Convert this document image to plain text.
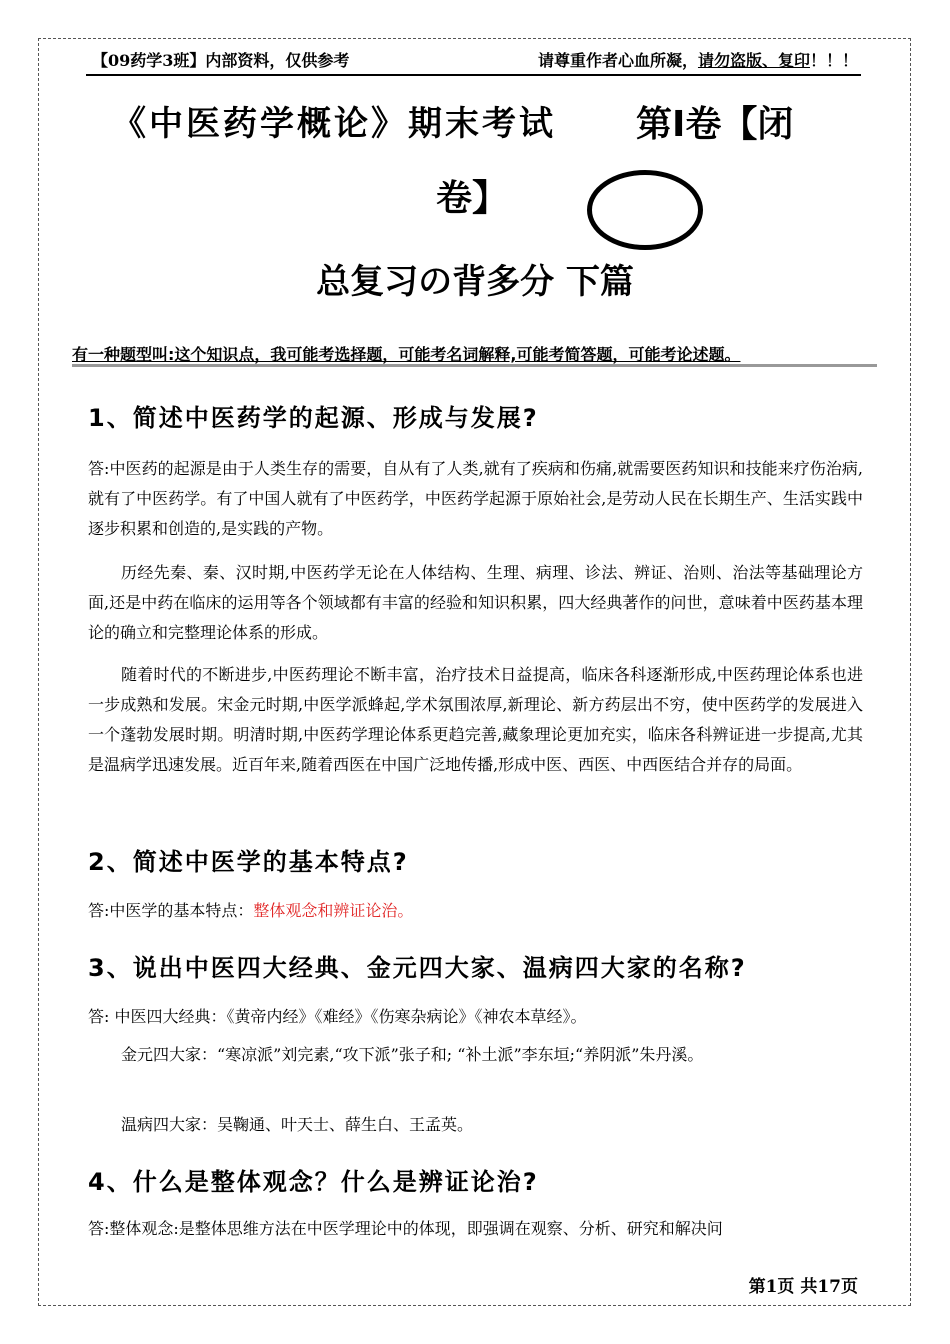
【09药学3班】内部资料，仅供参考	请尊重作者心血所凝，请勿盗版、复印！！！
《中医药学概论》期末考试 第Ⅰ卷【闭
卷】
总复习の背多分 下篇
有一种题型叫:这个知识点，我可能考选择题，可能考名词解释,可能考简答题，可能考论述题。
1、简述中医药学的起源、形成与发展?

答:中医药的起源是由于人类生存的需要，自从有了人类,就有了疾病和伤痛,就需要医药知识和技能来疗伤治病,就有了中医药学。有了中国人就有了中医药学，中医药学起源于原始社会,是劳动人民在长期生产、生活实践中逐步积累和创造的,是实践的产物。

历经先秦、秦、汉时期,中医药学无论在人体结构、生理、病理、诊法、辨证、治则、治法等基础理论方面,还是中药在临床的运用等各个领域都有丰富的经验和知识积累，四大经典著作的问世，意味着中医药基本理论的确立和完整理论体系的形成。

随着时代的不断进步,中医药理论不断丰富，治疗技术日益提高，临床各科逐渐形成,中医药理论体系也进一步成熟和发展。宋金元时期,中医学派蜂起,学术氛围浓厚,新理论、新方药层出不穷，使中医药学的发展进入一个蓬勃发展时期。明清时期,中医药学理论体系更趋完善,藏象理论更加充实，临床各科辨证进一步提高,尤其是温病学迅速发展。近百年来,随着西医在中国广泛地传播,形成中医、西医、中西医结合并存的局面。

2、简述中医学的基本特点?

答:中医学的基本特点：整体观念和辨证论治。

3、说出中医四大经典、金元四大家、温病四大家的名称?

答: 中医四大经典：《黄帝内经》《难经》《伤寒杂病论》《神农本草经》。

金元四大家：“寒凉派”刘完素,“攻下派”张子和; “补土派”李东垣;“养阴派”朱丹溪。

温病四大家：吴鞠通、叶天士、薛生白、王孟英。

4、什么是整体观念？什么是辨证论治?

答:整体观念:是整体思维方法在中医学理论中的体现，即强调在观察、分析、研究和解决问

第1页 共17页
